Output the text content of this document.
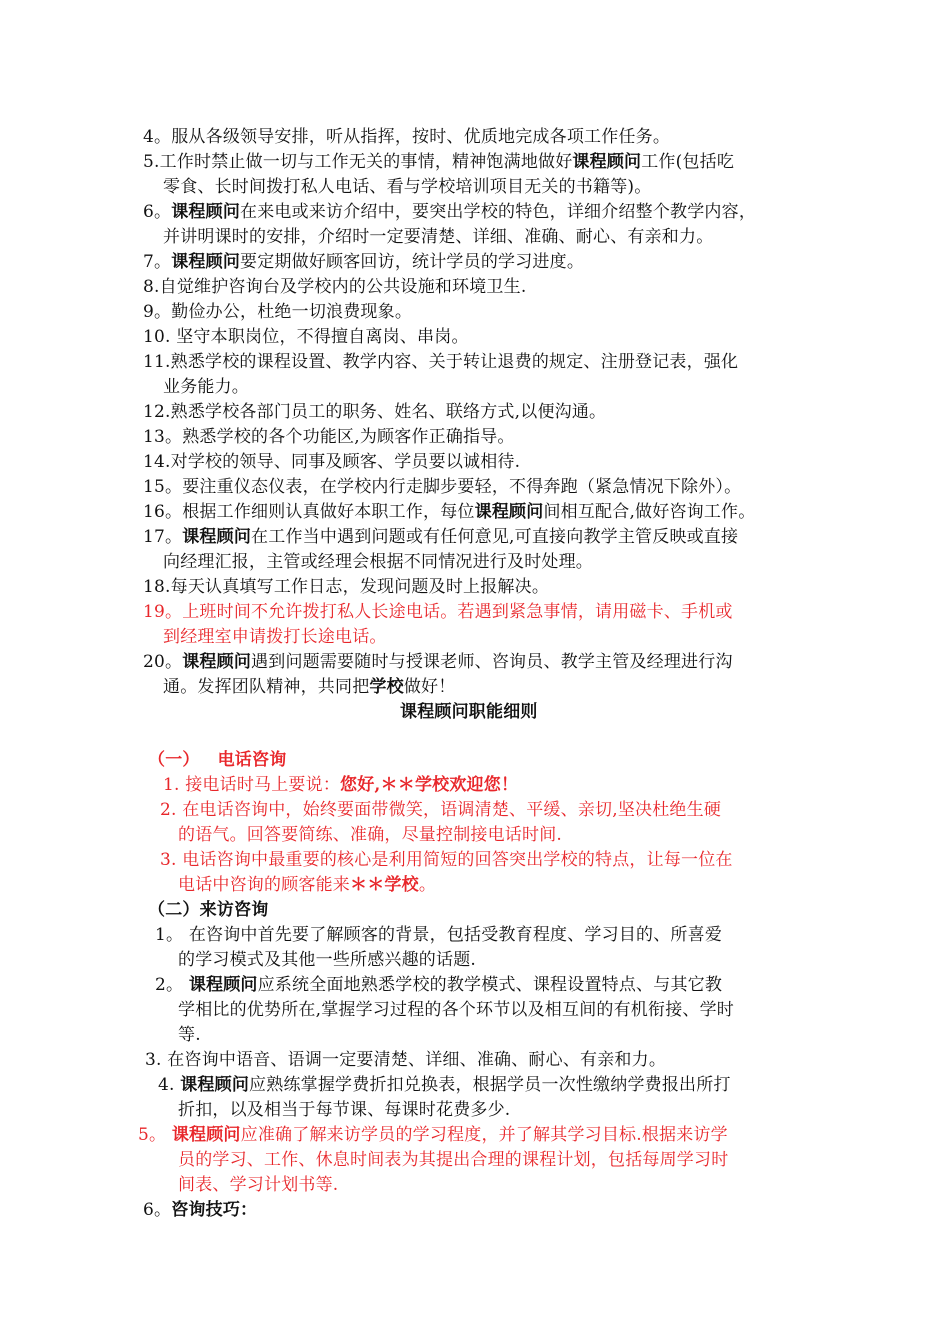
4。服从各级领导安排，听从指挥，按时、优质地完成各项工作任务。
5.工作时禁止做一切与工作无关的事情，精神饱满地做好课程顾问工作(包括吃
零食、长时间拨打私人电话、看与学校培训项目无关的书籍等)。
6。课程顾问在来电或来访介绍中，要突出学校的特色，详细介绍整个教学内容，
并讲明课时的安排，介绍时一定要清楚、详细、准确、耐心、有亲和力。
7。课程顾问要定期做好顾客回访，统计学员的学习进度。
8.自觉维护咨询台及学校内的公共设施和环境卫生.
9。勤俭办公，杜绝一切浪费现象。
10. 坚守本职岗位，不得擅自离岗、串岗。
11.熟悉学校的课程设置、教学内容、关于转让退费的规定、注册登记表，强化
业务能力。
12.熟悉学校各部门员工的职务、姓名、联络方式,以便沟通。
13。熟悉学校的各个功能区,为顾客作正确指导。
14.对学校的领导、同事及顾客、学员要以诚相待.
15。要注重仪态仪表，在学校内行走脚步要轻，不得奔跑（紧急情况下除外）。
16。根据工作细则认真做好本职工作，每位课程顾问间相互配合,做好咨询工作。
17。课程顾问在工作当中遇到问题或有任何意见,可直接向教学主管反映或直接
向经理汇报，主管或经理会根据不同情况进行及时处理。
18.每天认真填写工作日志，发现问题及时上报解决。
19。上班时间不允许拨打私人长途电话。若遇到紧急事情，请用磁卡、手机或
到经理室申请拨打长途电话。
20。课程顾问遇到问题需要随时与授课老师、咨询员、教学主管及经理进行沟
通。发挥团队精神，共同把学校做好！
课程顾问职能细则
（一） 电话咨询
1. 接电话时马上要说：您好,＊＊学校欢迎您！
2. 在电话咨询中，始终要面带微笑，语调清楚、平缓、亲切,坚决杜绝生硬
的语气。回答要简练、准确，尽量控制接电话时间.
3. 电话咨询中最重要的核心是利用简短的回答突出学校的特点，让每一位在
电话中咨询的顾客能来＊＊学校。
（二）来访咨询
1。 在咨询中首先要了解顾客的背景，包括受教育程度、学习目的、所喜爱
的学习模式及其他一些所感兴趣的话题.
2。 课程顾问应系统全面地熟悉学校的教学模式、课程设置特点、与其它教
学相比的优势所在,掌握学习过程的各个环节以及相互间的有机衔接、学时
等.
3. 在咨询中语音、语调一定要清楚、详细、准确、耐心、有亲和力。
4. 课程顾问应熟练掌握学费折扣兑换表，根据学员一次性缴纳学费报出所打
折扣，以及相当于每节课、每课时花费多少.
5。 课程顾问应准确了解来访学员的学习程度，并了解其学习目标.根据来访学
员的学习、工作、休息时间表为其提出合理的课程计划，包括每周学习时
间表、学习计划书等.
6。咨询技巧：
